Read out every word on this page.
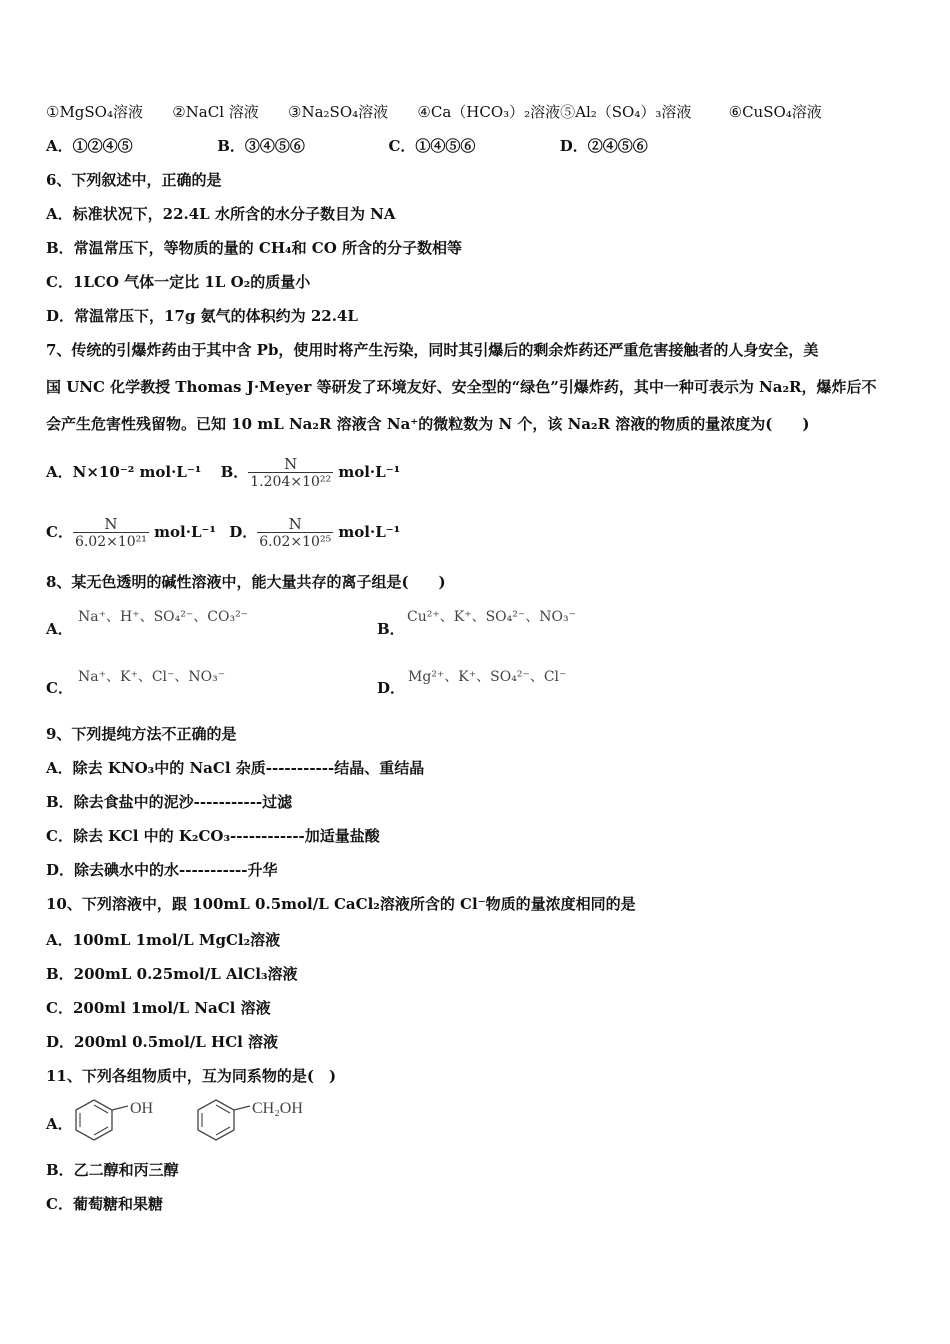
①MgSO₄溶液 ②NaCl 溶液 ③Na₂SO₄溶液 ④Ca（HCO₃）₂溶液⑤Al₂（SO₄）₃溶液 ⑥CuSO₄溶液
A．①②④⑤	B．③④⑤⑥	C．①④⑤⑥	D．②④⑤⑥
6、下列叙述中，正确的是
A．标准状况下，22.4L 水所含的水分子数目为 NA
B．常温常压下，等物质的量的 CH₄和 CO 所含的分子数相等
C．1LCO 气体一定比 1L O₂的质量小
D．常温常压下，17g 氨气的体积约为 22.4L
7、传统的引爆炸药由于其中含 Pb，使用时将产生污染，同时其引爆后的剩余炸药还严重危害接触者的人身安全，美
国 UNC 化学教授 Thomas J·Meyer 等研发了环境友好、安全型的“绿色”引爆炸药，其中一种可表示为 Na₂R，爆炸后不
会产生危害性残留物。已知 10 mL Na₂R 溶液含 Na⁺的微粒数为 N 个，该 Na₂R 溶液的物质的量浓度为(　　)
A．N×10⁻² mol·L⁻¹ B． $\frac{N}{\text{1.204×10²²}} mol\cdot L^{-1}$
C． $\frac{N}{\text{6.02×10²¹}} mol\cdot L^{-1}$ D． $\frac{N}{\text{6.02×10²⁵}} mol\cdot L^{-1}$
8、某无色透明的碱性溶液中，能大量共存的离子组是(　　)
A．
Na⁺、H⁺、SO₄²⁻、CO₃²⁻
B．
Cu²⁺、K⁺、SO₄²⁻、NO₃⁻
C．
Na⁺、K⁺、Cl⁻、NO₃⁻
D．
Mg²⁺、K⁺、SO₄²⁻、Cl⁻
9、下列提纯方法不正确的是
A．除去 KNO₃中的 NaCl 杂质-----------结晶、重结晶
B．除去食盐中的泥沙-----------过滤
C．除去 KCl 中的 K₂CO₃------------加适量盐酸
D．除去碘水中的水-----------升华
10、下列溶液中，跟 100mL 0.5mol/L CaCl₂溶液所含的 Cl⁻物质的量浓度相同的是
A．100mL 1mol/L MgCl₂溶液
B．200mL 0.25mol/L AlCl₃溶液
C．200ml 1mol/L NaCl 溶液
D．200ml 0.5mol/L HCl 溶液
11、下列各组物质中，互为同系物的是(　)
A．
OH	CH₂OH
B．乙二醇和丙三醇
C．葡萄糖和果糖
